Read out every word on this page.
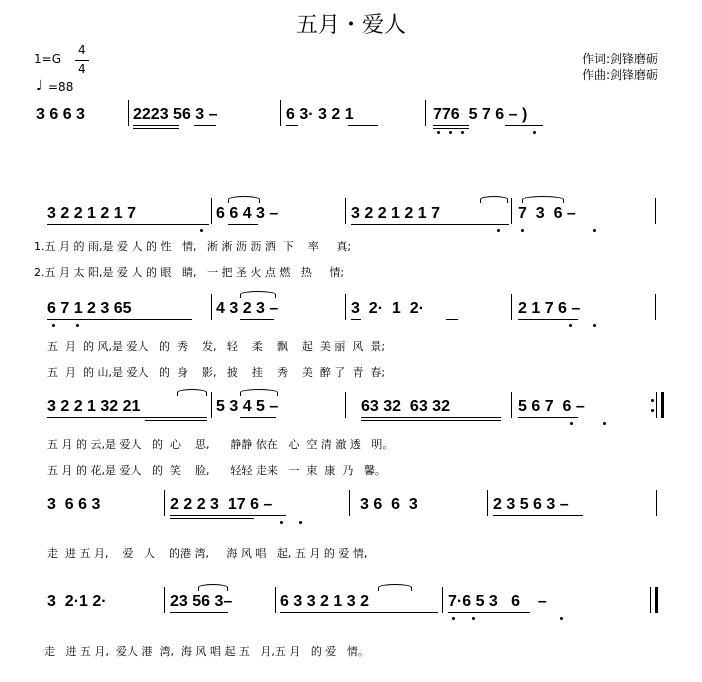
五月・爱人
1=G
4
4
♩ =88
作词:剑锋磨砺
作曲:剑锋磨砺
3 6 6 3	2223 56 3 –	6 3· 3 2 1	776  5 7 6 – )
3 2 2 1 2 1 7	6 6 4 3 –	3 2 2 1 2 1 7	7  3  6 –
1.五 月 的 雨,是 爱 人 的 性   情,   淅 淅 沥 沥 洒  下    率     真;
2.五 月 太 阳,是 爱 人 的 眼   睛,   一 把 圣 火 点 燃   热     情;
6 7 1 2 3 65	4 3 2 3 –	3  2·  1  2·	2 1 7 6 –
五  月  的 风,是 爱人   的  秀    发,   轻    柔    飘    起  美 丽  风  景;
五  月  的 山,是 爱人   的  身    影,   披    挂    秀    美  醉 了  青  春;
3 2 2 1 32 21	5 3 4 5 –	63 32  63 32	5 6 7  6 –
五 月 的 云,是 爱人   的  心    思,      静静 依在   心  空 清 澈 透   明。
五 月 的 花,是 爱人   的  笑    脸,      轻轻 走来   一  束  康  乃   馨。
3  6 6 3	2 2 2 3  17 6 –	3 6  6  3	2 3 5 6 3 –
走  进 五 月,    爱   人    的港 湾,     海 风 唱   起, 五 月 的 爱 情,
3  2·1 2·	23 56 3–	6 3 3 2 1 3 2	7·6 5 3   6    –
走   进 五 月,  爱人 港  湾,  海 风 唱 起 五   月,五 月   的 爱   情。
